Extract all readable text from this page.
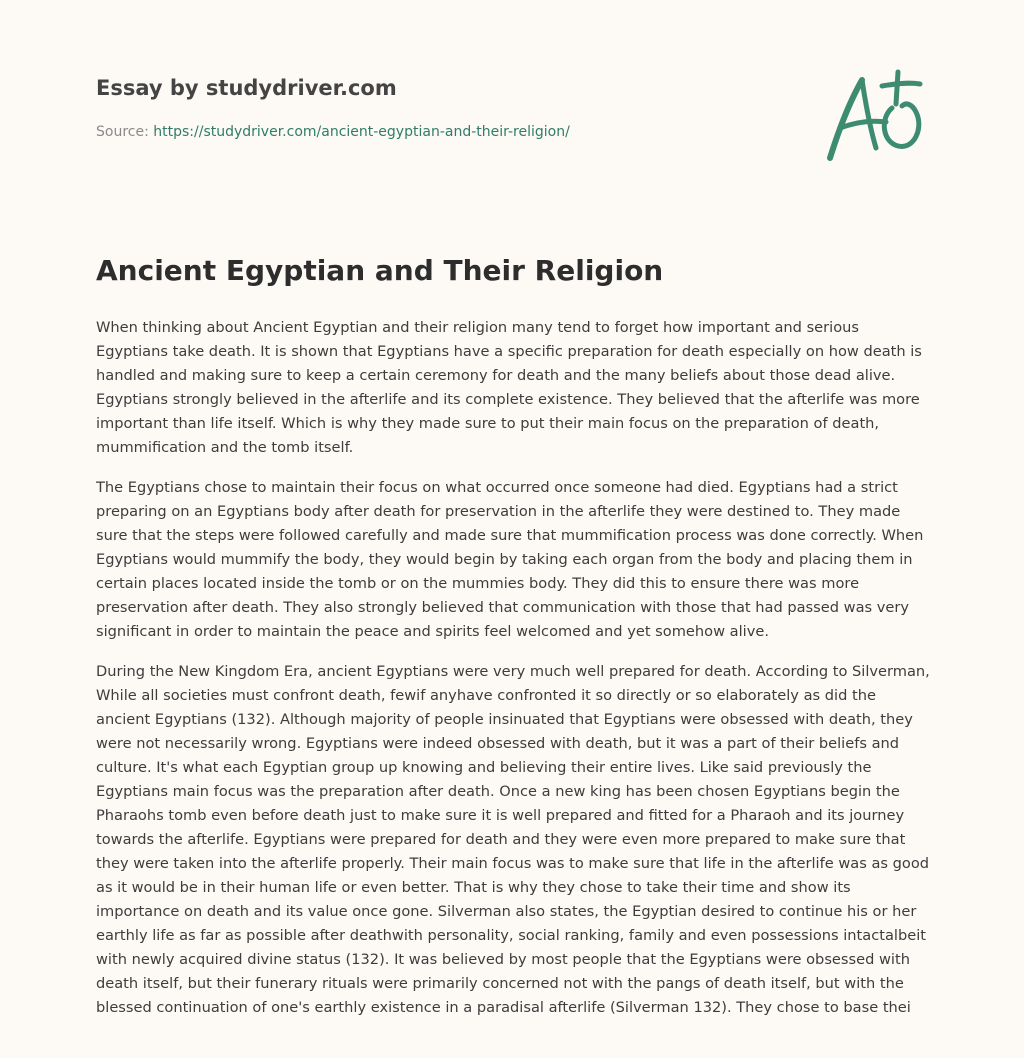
Essay by studydriver.com
Source: https://studydriver.com/ancient-egyptian-and-their-religion/
Ancient Egyptian and Their Religion

When thinking about Ancient Egyptian and their religion many tend to forget how important and serious Egyptians take death. It is shown that Egyptians have a specific preparation for death especially on how death is handled and making sure to keep a certain ceremony for death and the many beliefs about those dead alive. Egyptians strongly believed in the afterlife and its complete existence. They believed that the afterlife was more important than life itself. Which is why they made sure to put their main focus on the preparation of death, mummification and the tomb itself.

The Egyptians chose to maintain their focus on what occurred once someone had died. Egyptians had a strict preparing on an Egyptians body after death for preservation in the afterlife they were destined to. They made sure that the steps were followed carefully and made sure that mummification process was done correctly. When Egyptians would mummify the body, they would begin by taking each organ from the body and placing them in certain places located inside the tomb or on the mummies body. They did this to ensure there was more preservation after death. They also strongly believed that communication with those that had passed was very significant in order to maintain the peace and spirits feel welcomed and yet somehow alive.

During the New Kingdom Era, ancient Egyptians were very much well prepared for death. According to Silverman, While all societies must confront death, fewif anyhave confronted it so directly or so elaborately as did the ancient Egyptians (132). Although majority of people insinuated that Egyptians were obsessed with death, they were not necessarily wrong. Egyptians were indeed obsessed with death, but it was a part of their beliefs and culture. It's what each Egyptian group up knowing and believing their entire lives. Like said previously the Egyptians main focus was the preparation after death. Once a new king has been chosen Egyptians begin the Pharaohs tomb even before death just to make sure it is well prepared and fitted for a Pharaoh and its journey towards the afterlife. Egyptians were prepared for death and they were even more prepared to make sure that they were taken into the afterlife properly. Their main focus was to make sure that life in the afterlife was as good as it would be in their human life or even better. That is why they chose to take their time and show its importance on death and its value once gone. Silverman also states, the Egyptian desired to continue his or her earthly life as far as possible after deathwith personality, social ranking, family and even possessions intactalbeit with newly acquired divine status (132). It was believed by most people that the Egyptians were obsessed with death itself, but their funerary rituals were primarily concerned not with the pangs of death itself, but with the blessed continuation of one's earthly existence in a paradisal afterlife (Silverman 132). They chose to base thei
